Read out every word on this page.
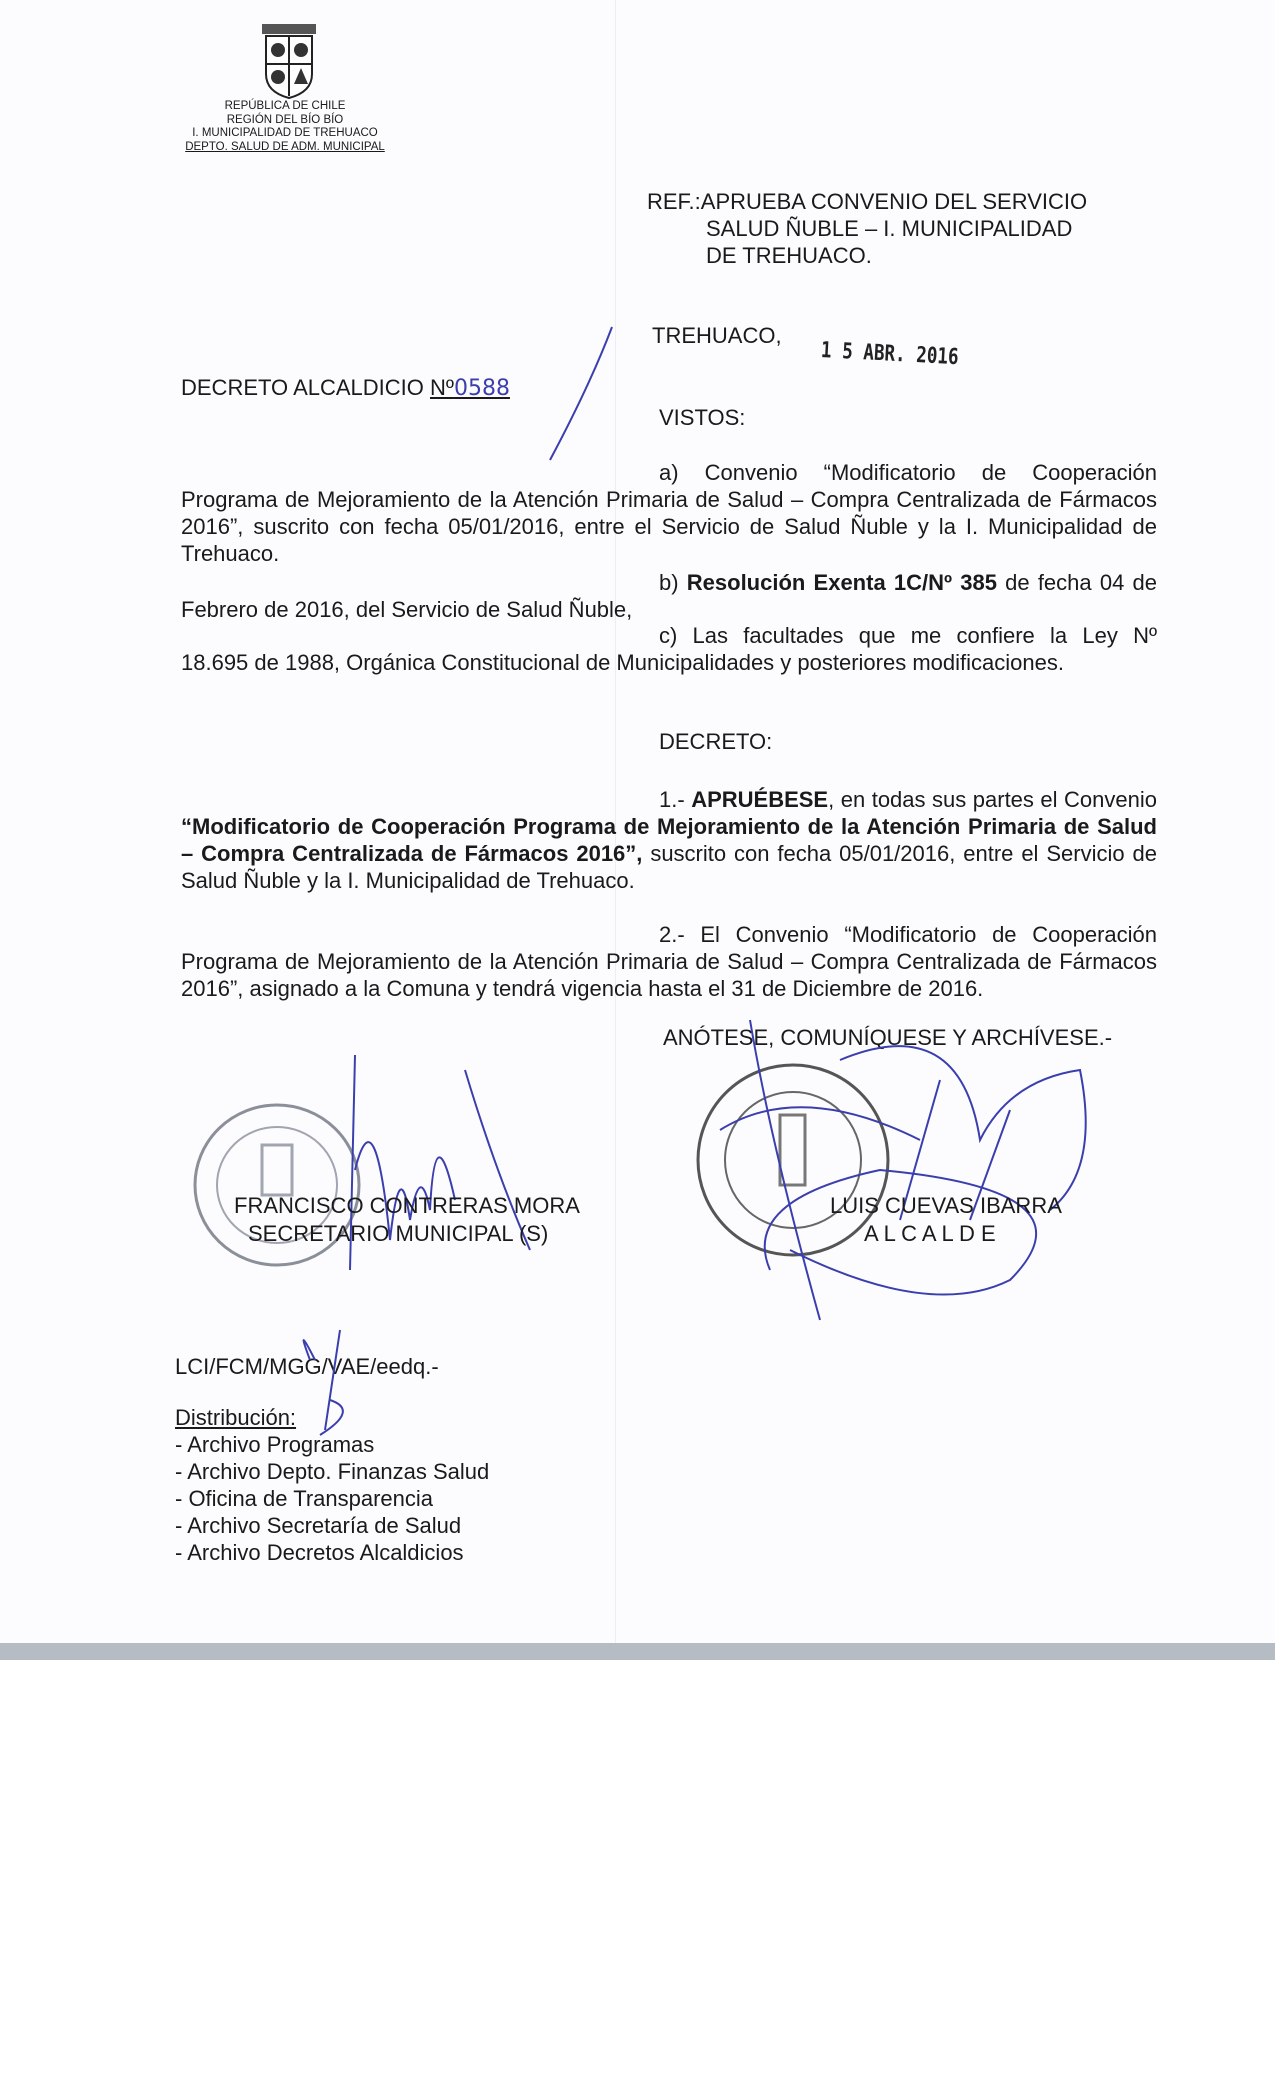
REPÚBLICA DE CHILE
REGIÓN DEL BÍO BÍO
I. MUNICIPALIDAD DE TREHUACO
DEPTO. SALUD DE ADM. MUNICIPAL
REF.:APRUEBA CONVENIO DEL SERVICIO
SALUD ÑUBLE – I. MUNICIPALIDAD
DE TREHUACO.
TREHUACO,
1 5 ABR. 2016
DECRETO ALCALDICIO Nº0588
VISTOS:
a) Convenio “Modificatorio de Cooperación Programa de Mejoramiento de la Atención Primaria de Salud – Compra Centralizada de Fármacos 2016”, suscrito con fecha 05/01/2016, entre el Servicio de Salud Ñuble y la I. Municipalidad de Trehuaco.
b) Resolución Exenta 1C/Nº 385 de fecha 04 de Febrero de 2016, del Servicio de Salud Ñuble,
c) Las facultades que me confiere la Ley Nº 18.695 de 1988, Orgánica Constitucional de Municipalidades y posteriores modificaciones.
DECRETO:
1.- APRUÉBESE, en todas sus partes el Convenio “Modificatorio de Cooperación Programa de Mejoramiento de la Atención Primaria de Salud – Compra Centralizada de Fármacos 2016”, suscrito con fecha 05/01/2016, entre el Servicio de Salud Ñuble y la I. Municipalidad de Trehuaco.
2.- El Convenio “Modificatorio de Cooperación Programa de Mejoramiento de la Atención Primaria de Salud – Compra Centralizada de Fármacos 2016”, asignado a la Comuna y tendrá vigencia hasta el 31 de Diciembre de 2016.
ANÓTESE, COMUNÍQUESE Y ARCHÍVESE.-
FRANCISCO CONTRERAS MORA
SECRETARIO MUNICIPAL (S)
LUIS CUEVAS IBARRA
A L C A L D E
LCI/FCM/MGG/VAE/eedq.-
Distribución:
- Archivo Programas
- Archivo Depto. Finanzas Salud
- Oficina de Transparencia
- Archivo Secretaría de Salud
- Archivo Decretos Alcaldicios
